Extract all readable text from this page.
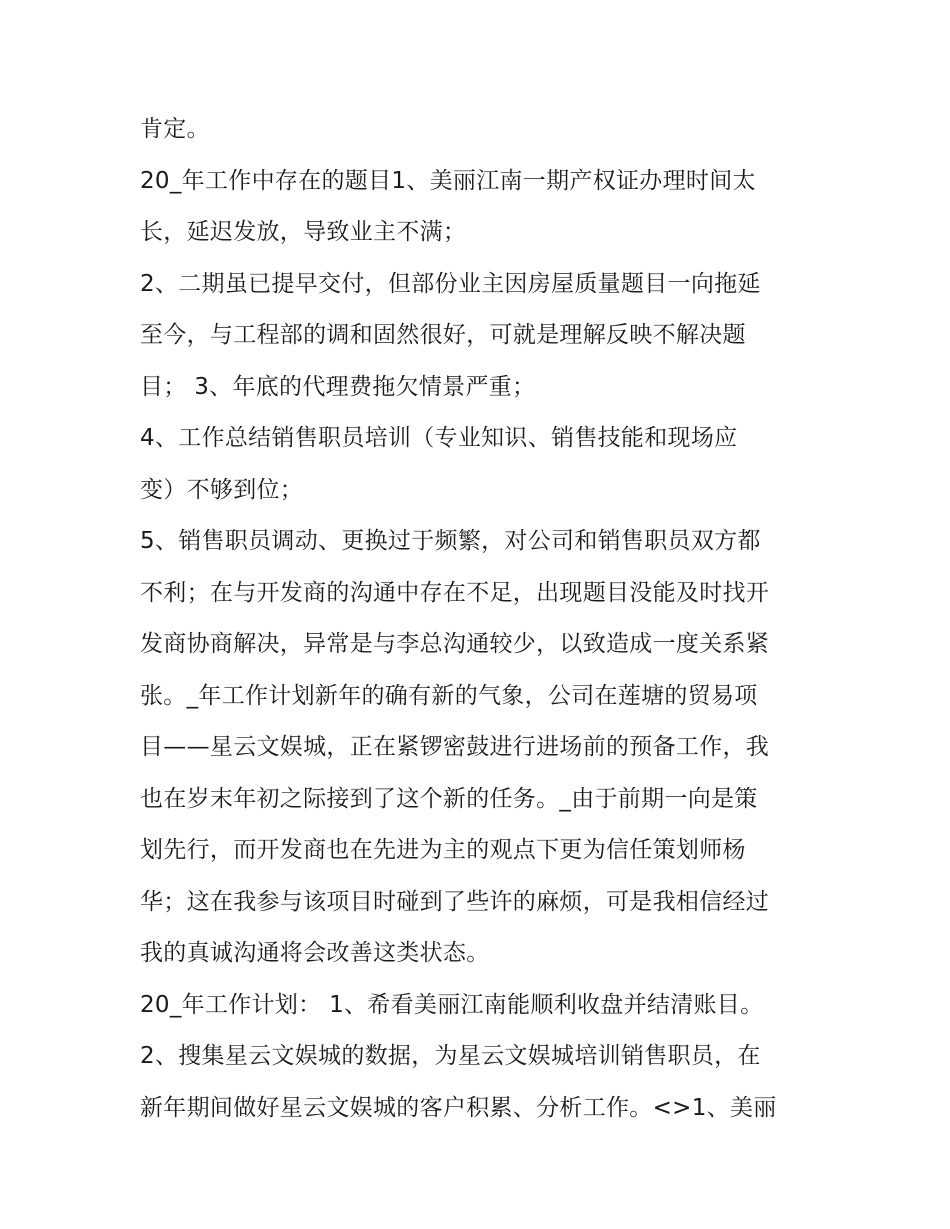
肯定。
20_年工作中存在的题目1、美丽江南一期产权证办理时间太
长，延迟发放，导致业主不满；
2、二期虽已提早交付，但部份业主因房屋质量题目一向拖延
至今，与工程部的调和固然很好，可就是理解反映不解决题
目； 3、年底的代理费拖欠情景严重；
4、工作总结销售职员培训（专业知识、销售技能和现场应
变）不够到位；
5、销售职员调动、更换过于频繁，对公司和销售职员双方都
不利；在与开发商的沟通中存在不足，出现题目没能及时找开
发商协商解决，异常是与李总沟通较少，以致造成一度关系紧
张。_年工作计划新年的确有新的气象，公司在莲塘的贸易项
目——星云文娱城，正在紧锣密鼓进行进场前的预备工作，我
也在岁末年初之际接到了这个新的任务。_由于前期一向是策
划先行，而开发商也在先进为主的观点下更为信任策划师杨
华；这在我参与该项目时碰到了些许的麻烦，可是我相信经过
我的真诚沟通将会改善这类状态。
20_年工作计划： 1、希看美丽江南能顺利收盘并结清账目。
2、搜集星云文娱城的数据，为星云文娱城培训销售职员，在
新年期间做好星云文娱城的客户积累、分析工作。<>1、美丽
